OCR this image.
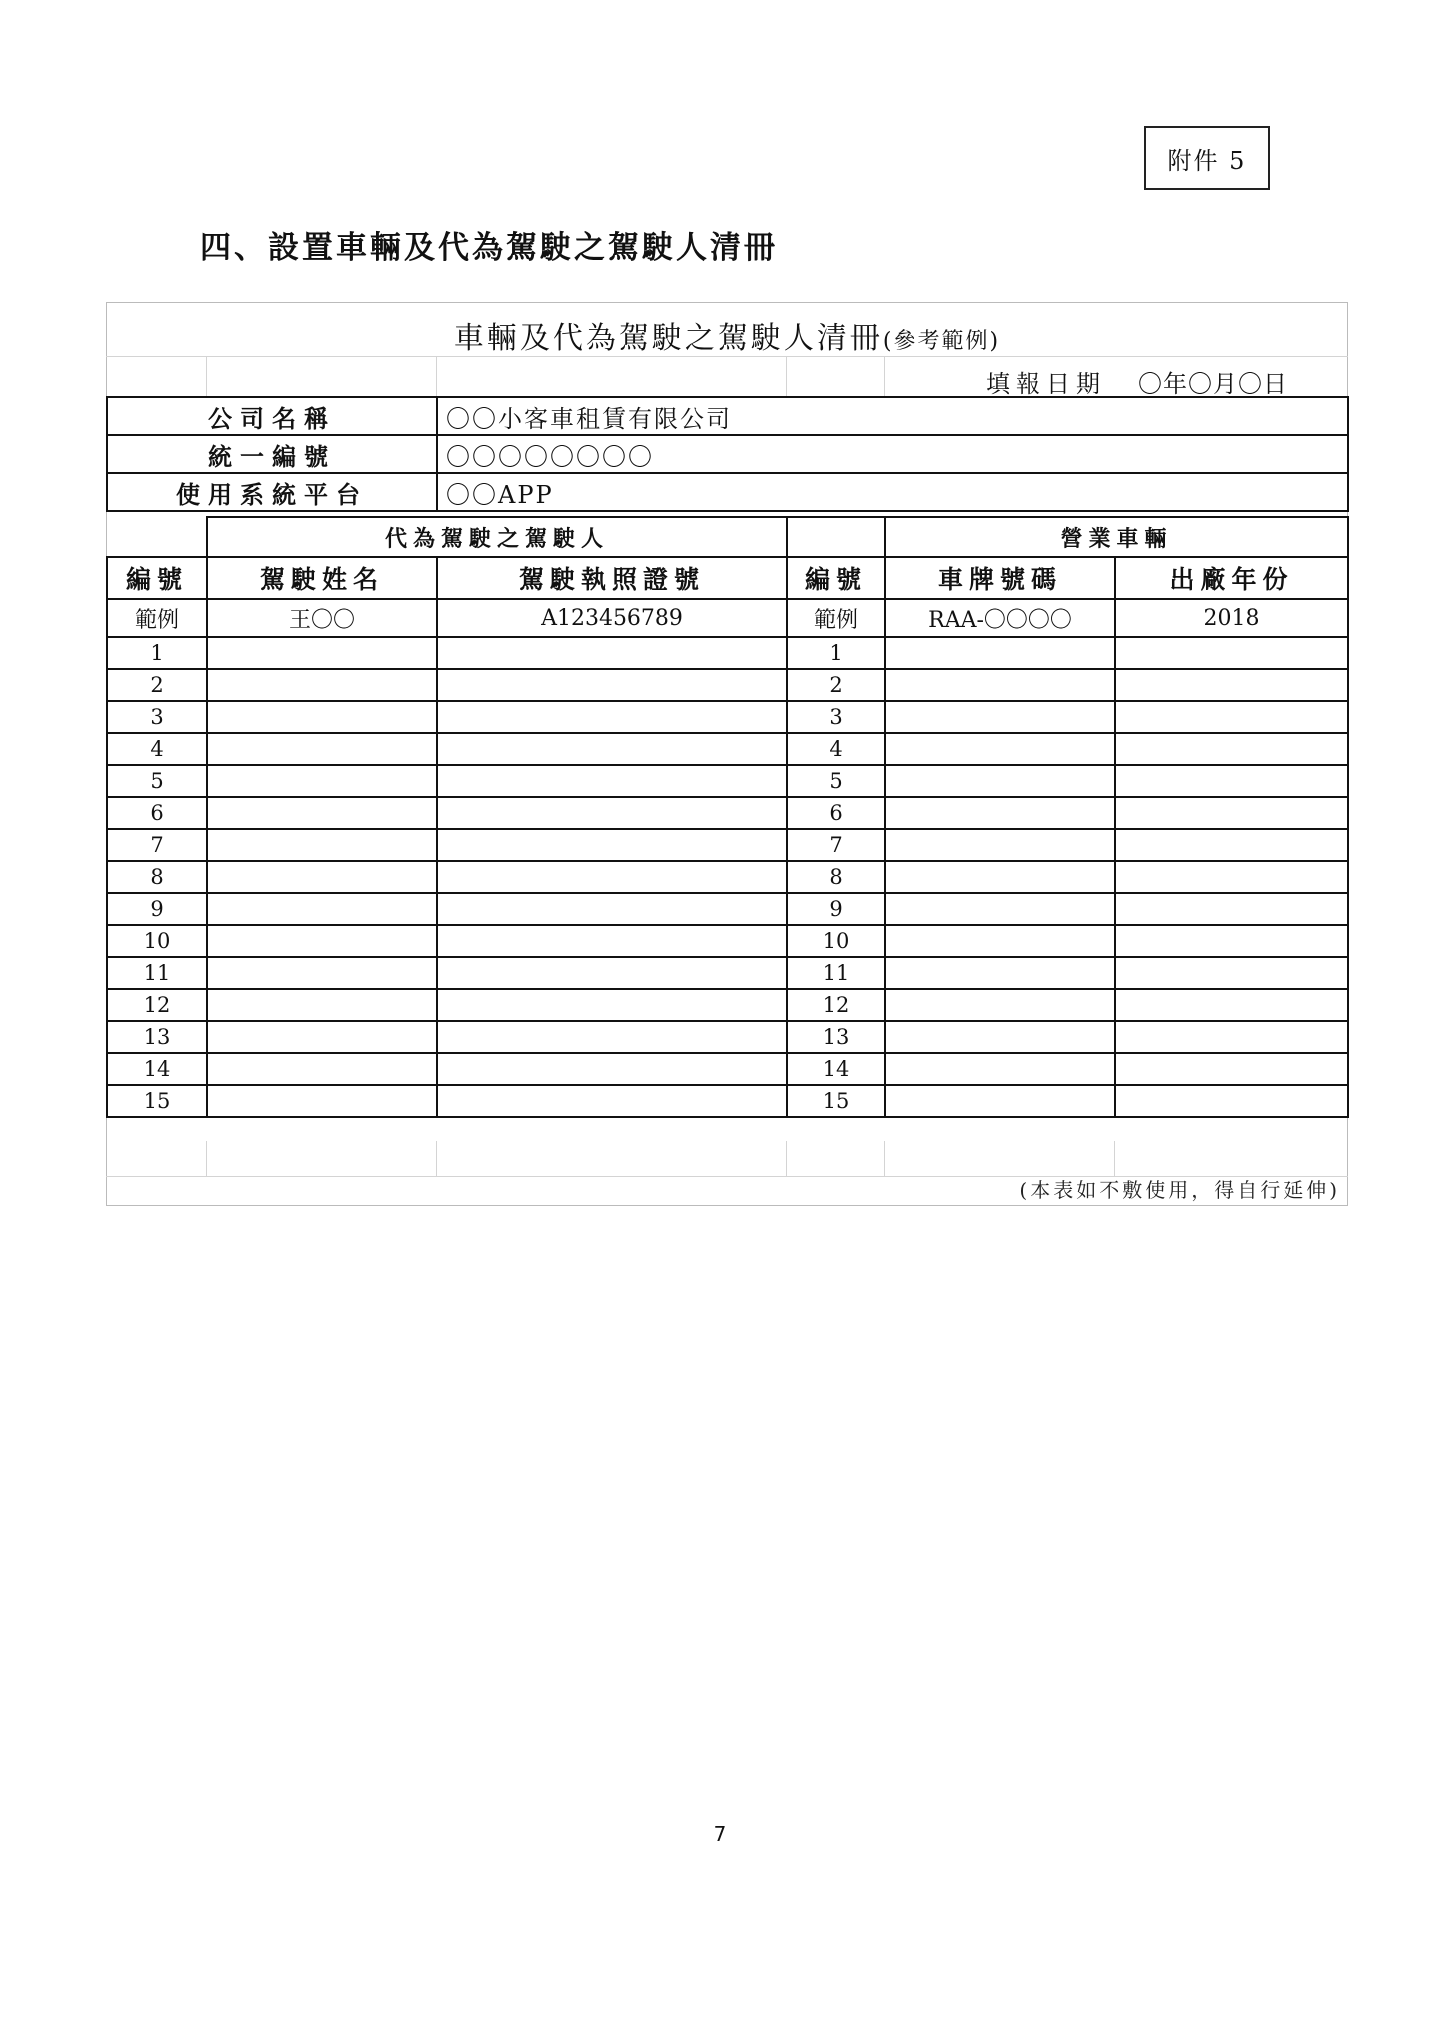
附件 5
四、設置車輛及代為駕駛之駕駛人清冊
車輛及代為駕駛之駕駛人清冊(參考範例)
填報日期 〇年〇月〇日
公司名稱	〇〇小客車租賃有限公司
統一編號	〇〇〇〇〇〇〇〇
使用系統平台	〇〇APP
	代為駕駛之駕駛人			營業車輛	
編號	駕駛姓名	駕駛執照證號	編號	車牌號碼	出廠年份
範例	王〇〇	A123456789	範例	RAA-〇〇〇〇	2018
1			1		
2			2		
3			3		
4			4		
5			5		
6			6		
7			7		
8			8		
9			9		
10			10		
11			11		
12			12		
13			13		
14			14		
15			15		
(本表如不敷使用，得自行延伸)
7
